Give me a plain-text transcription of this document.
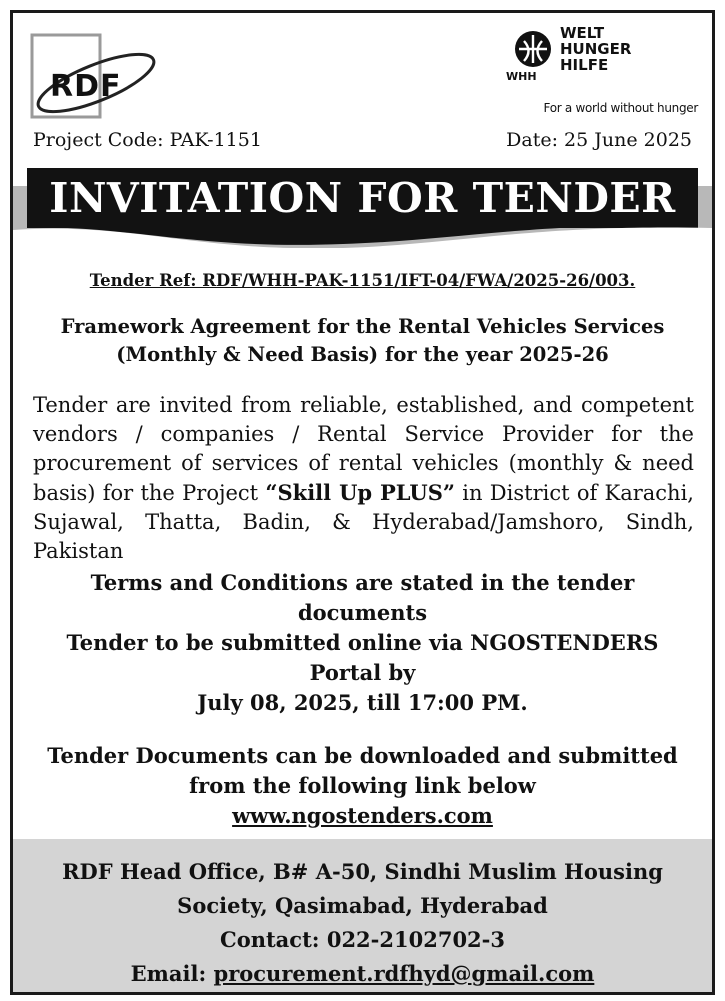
RDF
WELT
HUNGER
HILFE
WHH
For a world without hunger
Project Code: PAK-1151	Date: 25 June 2025
INVITATION FOR TENDER
Tender Ref: RDF/WHH-PAK-1151/IFT-04/FWA/2025-26/003.
Framework Agreement for the Rental Vehicles Services
(Monthly & Need Basis) for the year 2025-26
Tender are invited from reliable, established, and competent vendors / companies / Rental Service Provider for the procurement of services of rental vehicles (monthly & need basis) for the Project “Skill Up PLUS” in District of Karachi, Sujawal, Thatta, Badin, & Hyderabad/Jamshoro, Sindh, Pakistan
Terms and Conditions are stated in the tender
documents
Tender to be submitted online via NGOSTENDERS
Portal by
July 08, 2025, till 17:00 PM.
Tender Documents can be downloaded and submitted
from the following link below
www.ngostenders.com
RDF Head Office, B# A-50, Sindhi Muslim Housing
Society, Qasimabad, Hyderabad
Contact: 022-2102702-3
Email: procurement.rdfhyd@gmail.com
